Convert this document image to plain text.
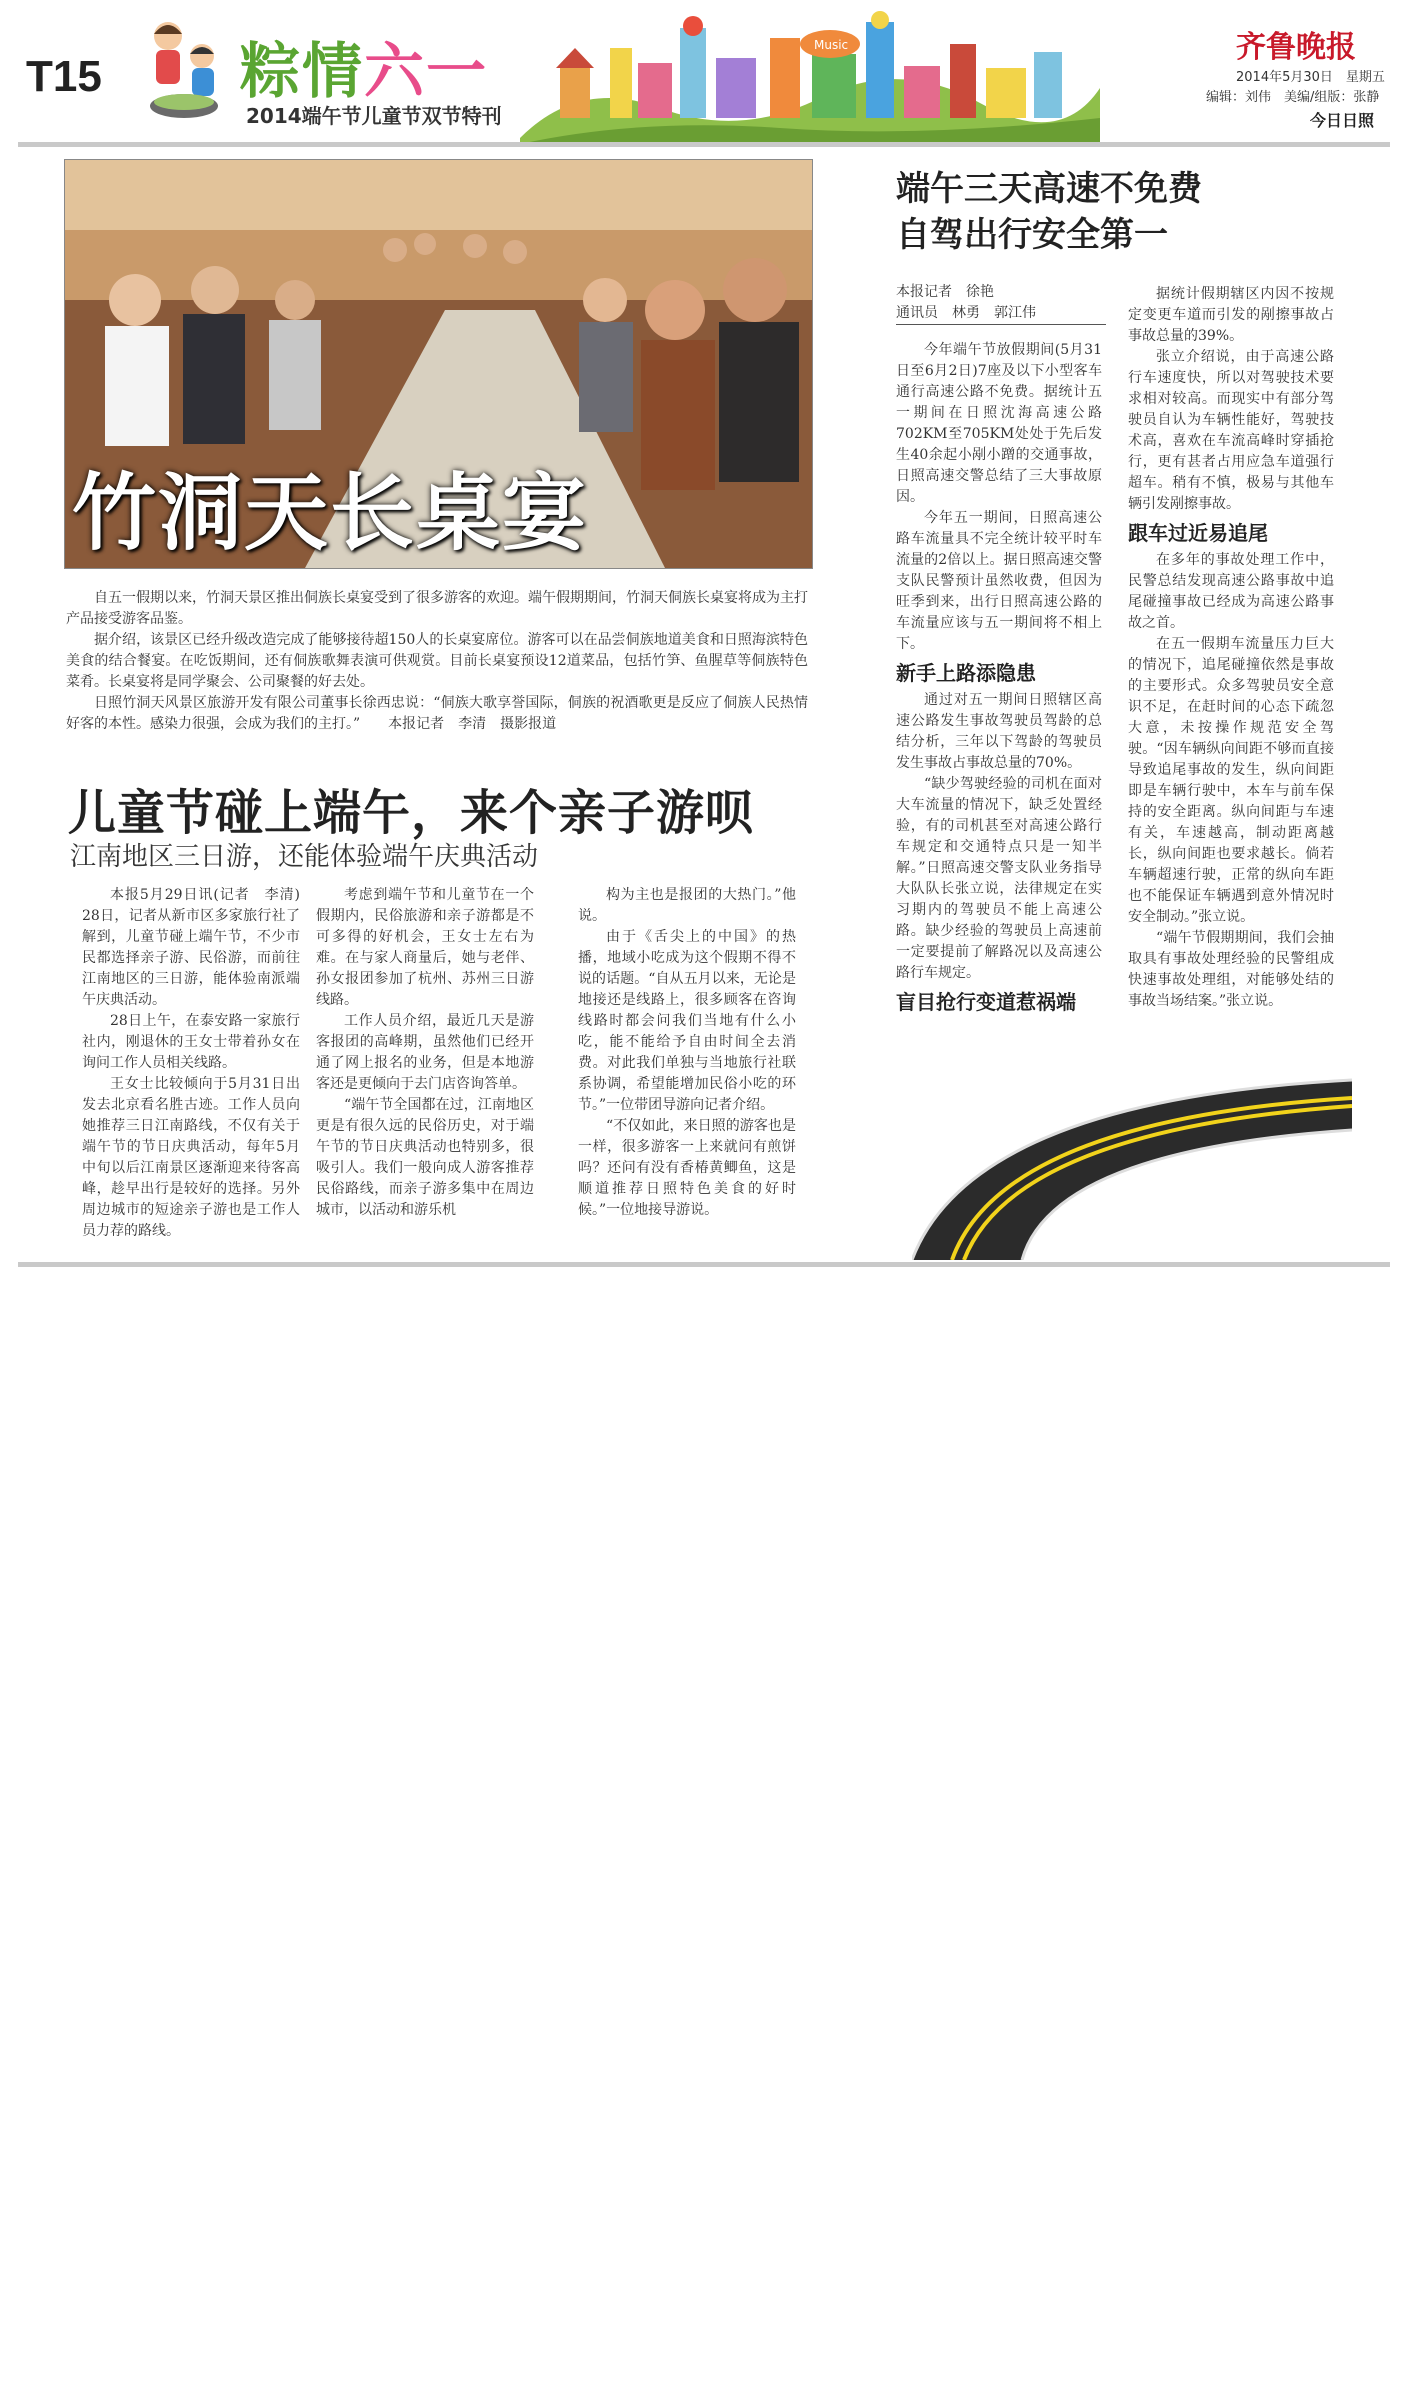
T15 粽情六一
2014端午节儿童节双节特刊
Music	齐鲁晚报
2014年5月30日　 星期五
编辑：刘伟　美编/组版：张静
今日日照
竹洞天长桌宴

自五一假期以来，竹洞天景区推出侗族长桌宴受到了很多游客的欢迎。端午假期期间，竹洞天侗族长桌宴将成为主打产品接受游客品鉴。

据介绍，该景区已经升级改造完成了能够接待超150人的长桌宴席位。游客可以在品尝侗族地道美食和日照海滨特色美食的结合餐宴。在吃饭期间，还有侗族歌舞表演可供观赏。目前长桌宴预设12道菜品，包括竹笋、鱼腥草等侗族特色菜肴。长桌宴将是同学聚会、公司聚餐的好去处。

日照竹洞天风景区旅游开发有限公司董事长徐西忠说：“侗族大歌享誉国际，侗族的祝酒歌更是反应了侗族人民热情好客的本性。感染力很强，会成为我们的主打。”　　本报记者　李清　摄影报道

儿童节碰上端午，来个亲子游呗
江南地区三日游，还能体验端午庆典活动

本报5月29日讯(记者　李清)　28日，记者从新市区多家旅行社了解到，儿童节碰上端午节，不少市民都选择亲子游、民俗游，而前往江南地区的三日游，能体验南派端午庆典活动。

28日上午，在泰安路一家旅行社内，刚退休的王女士带着孙女在询问工作人员相关线路。

王女士比较倾向于5月31日出发去北京看名胜古迹。工作人员向她推荐三日江南路线，不仅有关于端午节的节日庆典活动，每年5月中旬以后江南景区逐渐迎来待客高峰，趁早出行是较好的选择。另外周边城市的短途亲子游也是工作人员力荐的路线。

考虑到端午节和儿童节在一个假期内，民俗旅游和亲子游都是不可多得的好机会，王女士左右为难。在与家人商量后，她与老伴、孙女报团参加了杭州、苏州三日游线路。

工作人员介绍，最近几天是游客报团的高峰期，虽然他们已经开通了网上报名的业务，但是本地游客还是更倾向于去门店咨询答单。

“端午节全国都在过，江南地区更是有很久远的民俗历史，对于端午节的节日庆典活动也特别多，很吸引人。我们一般向成人游客推荐民俗路线，而亲子游多集中在周边城市，以活动和游乐机

构为主也是报团的大热门。”他说。

由于《舌尖上的中国》的热播，地域小吃成为这个假期不得不说的话题。“自从五月以来，无论是地接还是线路上，很多顾客在咨询线路时都会问我们当地有什么小吃，能不能给予自由时间全去消费。对此我们单独与当地旅行社联系协调，希望能增加民俗小吃的环节。”一位带团导游向记者介绍。

“不仅如此，来日照的游客也是一样，很多游客一上来就问有煎饼吗？还问有没有香椿黄鲫鱼，这是顺道推荐日照特色美食的好时候。”一位地接导游说。

端午三天高速不免费
自驾出行安全第一
本报记者　徐艳
通讯员　林勇　郭江伟

今年端午节放假期间(5月31日至6月2日)7座及以下小型客车通行高速公路不免费。据统计五一期间在日照沈海高速公路702KM至705KM处处于先后发生40余起小剐小蹭的交通事故，日照高速交警总结了三大事故原因。

今年五一期间，日照高速公路车流量具不完全统计较平时车流量的2倍以上。据日照高速交警支队民警预计虽然收费，但因为旺季到来，出行日照高速公路的车流量应该与五一期间将不相上下。

新手上路添隐患

通过对五一期间日照辖区高速公路发生事故驾驶员驾龄的总结分析，三年以下驾龄的驾驶员发生事故占事故总量的70%。

“缺少驾驶经验的司机在面对大车流量的情况下，缺乏处置经验，有的司机甚至对高速公路行车规定和交通特点只是一知半解。”日照高速交警支队业务指导大队队长张立说，法律规定在实习期内的驾驶员不能上高速公路。缺少经验的驾驶员上高速前一定要提前了解路况以及高速公路行车规定。

盲目抢行变道惹祸端

据统计假期辖区内因不按规定变更车道而引发的剐擦事故占事故总量的39%。

张立介绍说，由于高速公路行车速度快，所以对驾驶技术要求相对较高。而现实中有部分驾驶员自认为车辆性能好，驾驶技术高，喜欢在车流高峰时穿插抢行，更有甚者占用应急车道强行超车。稍有不慎，极易与其他车辆引发剐擦事故。

跟车过近易追尾

在多年的事故处理工作中，民警总结发现高速公路事故中追尾碰撞事故已经成为高速公路事故之首。

在五一假期车流量压力巨大的情况下，追尾碰撞依然是事故的主要形式。众多驾驶员安全意识不足，在赶时间的心态下疏忽大意，未按操作规范安全驾驶。“因车辆纵向间距不够而直接导致追尾事故的发生，纵向间距即是车辆行驶中，本车与前车保持的安全距离。纵向间距与车速有关，车速越高，制动距离越长，纵向间距也要求越长。倘若车辆超速行驶，正常的纵向车距也不能保证车辆遇到意外情况时安全制动。”张立说。

“端午节假期期间，我们会抽取具有事故处理经验的民警组成快速事故处理组，对能够处结的事故当场结案。”张立说。
